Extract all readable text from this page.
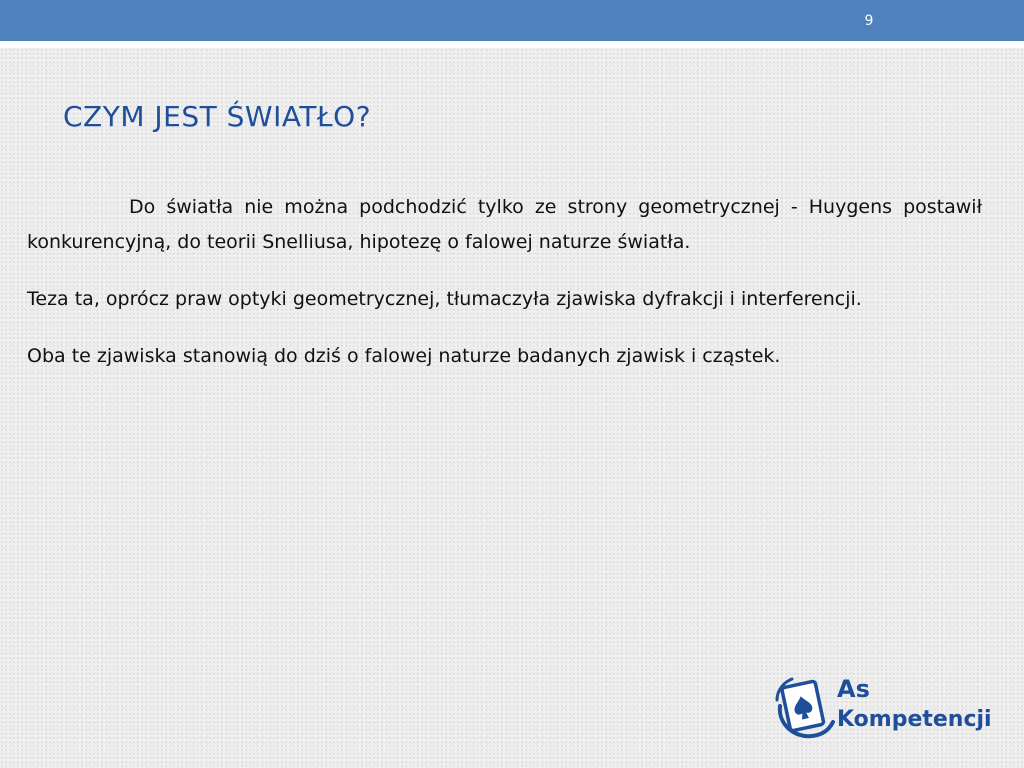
9
CZYM JEST ŚWIATŁO?

Do światła nie można podchodzić tylko ze strony geometrycznej - Huygens postawił konkurencyjną, do teorii Snelliusa, hipotezę o falowej naturze światła.

Teza ta, oprócz praw optyki geometrycznej, tłumaczyła zjawiska dyfrakcji i interferencji.

Oba te zjawiska stanowią do dziś o falowej naturze badanych zjawisk i cząstek.

As
Kompetencji
